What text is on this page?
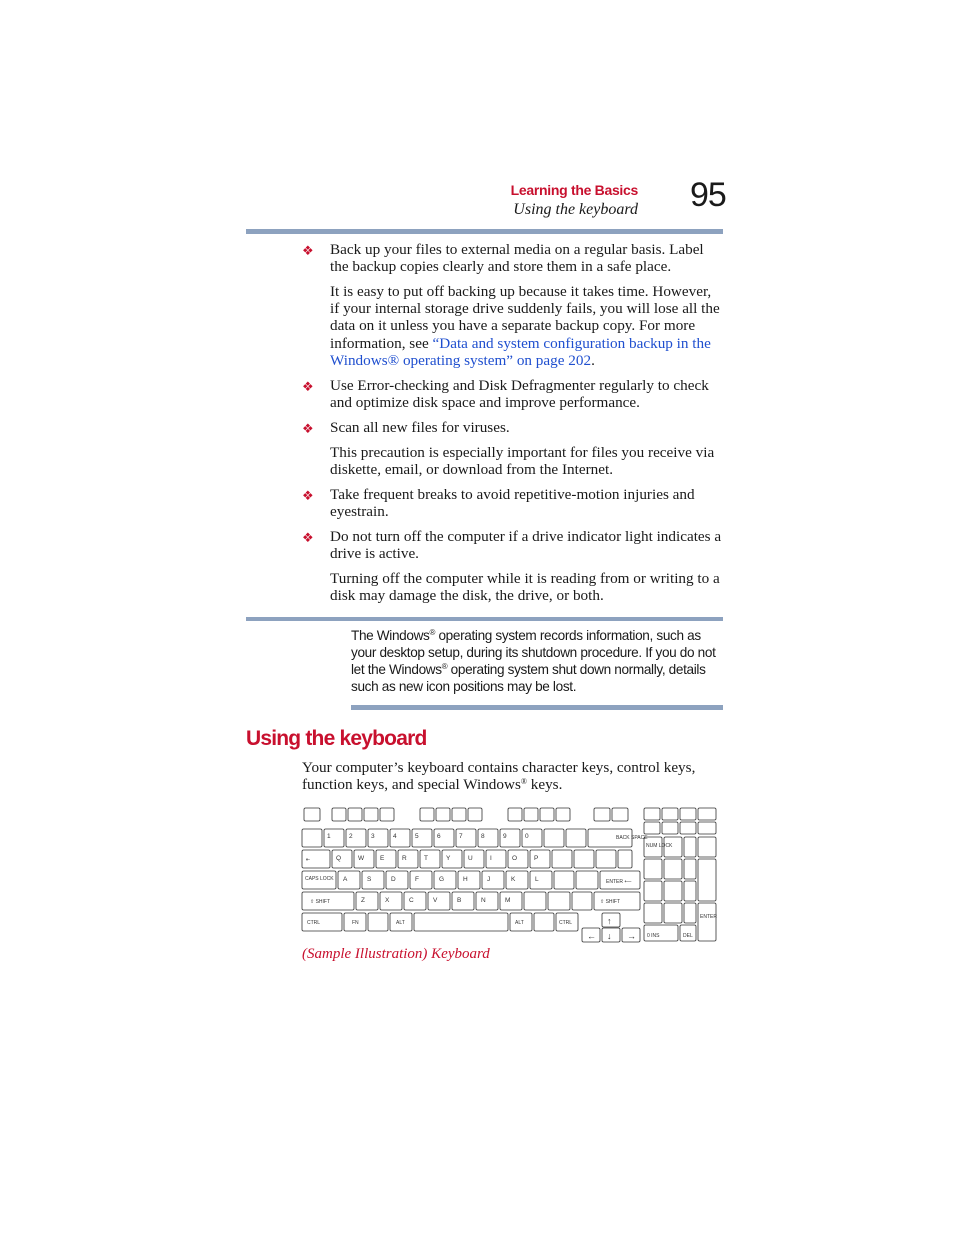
Learning the Basics
Using the keyboard 95
❖ Back up your files to external media on a regular basis. Label the backup copies clearly and store them in a safe place.
It is easy to put off backing up because it takes time. However, if your internal storage drive suddenly fails, you will lose all the data on it unless you have a separate backup copy. For more information, see “Data and system configuration backup in the Windows® operating system” on page 202.
❖ Use Error-checking and Disk Defragmenter regularly to check and optimize disk space and improve performance.
❖ Scan all new files for viruses.
This precaution is especially important for files you receive via diskette, email, or download from the Internet.
❖ Take frequent breaks to avoid repetitive-motion injuries and eyestrain.
❖ Do not turn off the computer if a drive indicator light indicates a drive is active.
Turning off the computer while it is reading from or writing to a disk may damage the disk, the drive, or both.
The Windows® operating system records information, such as your desktop setup, during its shutdown procedure. If you do not let the Windows® operating system shut down normally, details such as new icon positions may be lost.
Using the keyboard
Your computer’s keyboard contains character keys, control keys, function keys, and special Windows® keys.
BACK SPACE
⇤
CAPS LOCK	ENTER ⟵
⇧ SHIFT	⇧ SHIFT
CTRL	FN	ALT	ALT	CTRL
NUM LOCK
ENTER
0 INS	DEL
↑
← ↓ →
1	2	3	4	5	6	7	8	9	0
Q	W E	R	T	Y	U	I	O	P
A	S	D	F	G	H	J	K	L
Z	X	C	V	B	N	M
(Sample Illustration) Keyboard
